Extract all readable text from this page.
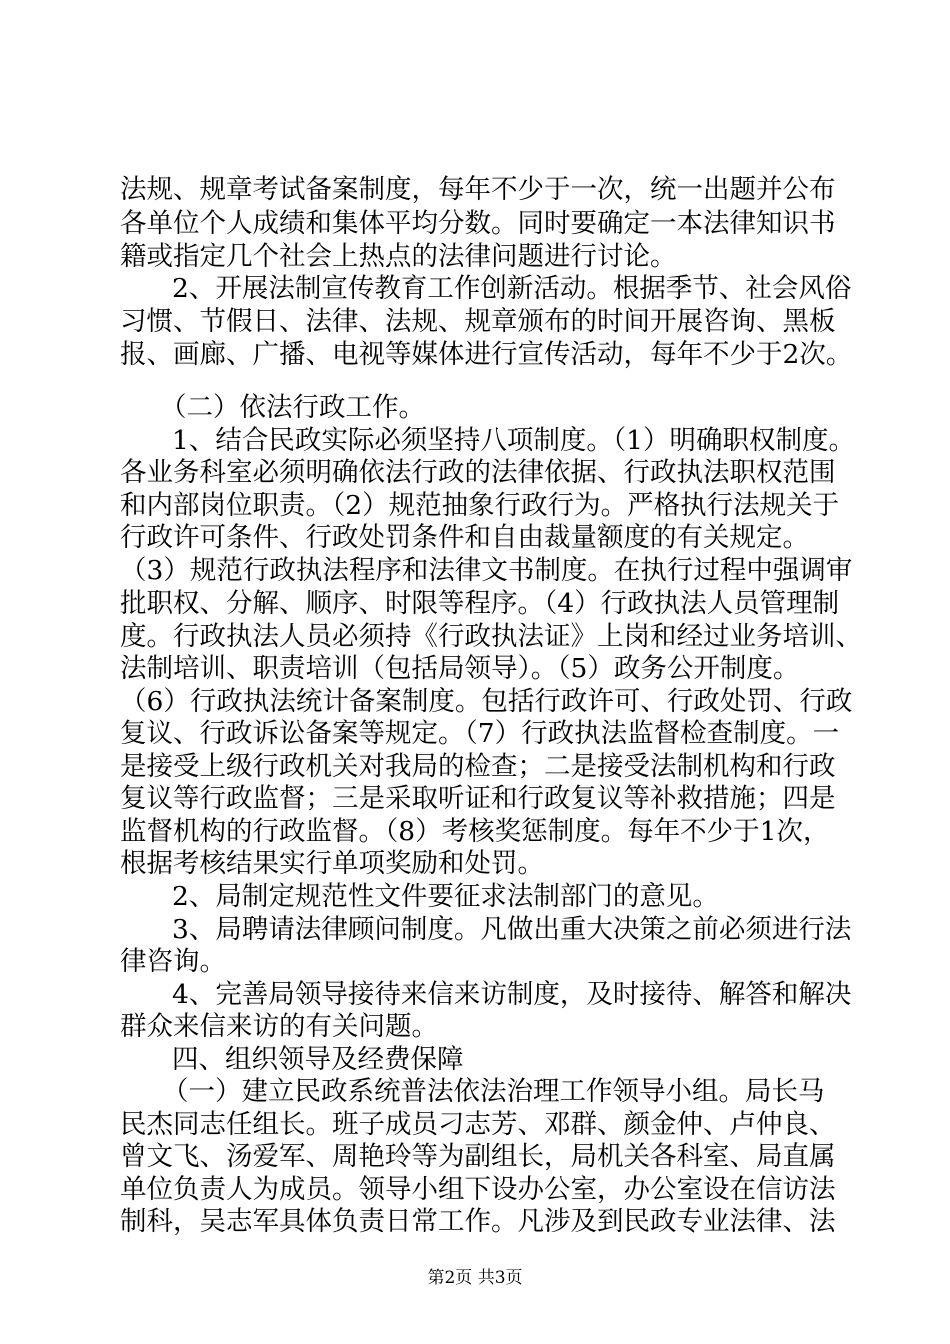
法规、规章考试备案制度，每年不少于一次，统一出题并公布
各单位个人成绩和集体平均分数。同时要确定一本法律知识书
籍或指定几个社会上热点的法律问题进行讨论。
2、开展法制宣传教育工作创新活动。根据季节、社会风俗
习惯、节假日、法律、法规、规章颁布的时间开展咨询、黑板
报、画廊、广播、电视等媒体进行宣传活动，每年不少于2次。
（二）依法行政工作。
1、结合民政实际必须坚持八项制度。（1）明确职权制度。
各业务科室必须明确依法行政的法律依据、行政执法职权范围
和内部岗位职责。（2）规范抽象行政行为。严格执行法规关于
行政许可条件、行政处罚条件和自由裁量额度的有关规定。
（3）规范行政执法程序和法律文书制度。在执行过程中强调审
批职权、分解、顺序、时限等程序。（4）行政执法人员管理制
度。行政执法人员必须持《行政执法证》上岗和经过业务培训、
法制培训、职责培训（包括局领导）。（5）政务公开制度。
（6）行政执法统计备案制度。包括行政许可、行政处罚、行政
复议、行政诉讼备案等规定。（7）行政执法监督检查制度。一
是接受上级行政机关对我局的检查；二是接受法制机构和行政
复议等行政监督；三是采取听证和行政复议等补救措施；四是
监督机构的行政监督。（8）考核奖惩制度。每年不少于1次，
根据考核结果实行单项奖励和处罚。
2、局制定规范性文件要征求法制部门的意见。
3、局聘请法律顾问制度。凡做出重大决策之前必须进行法
律咨询。
4、完善局领导接待来信来访制度，及时接待、解答和解决
群众来信来访的有关问题。
四、组织领导及经费保障
（一）建立民政系统普法依法治理工作领导小组。局长马
民杰同志任组长。班子成员刁志芳、邓群、颜金仲、卢仲良、
曾文飞、汤爱军、周艳玲等为副组长，局机关各科室、局直属
单位负责人为成员。领导小组下设办公室，办公室设在信访法
制科，吴志军具体负责日常工作。凡涉及到民政专业法律、法
第2页 共3页
